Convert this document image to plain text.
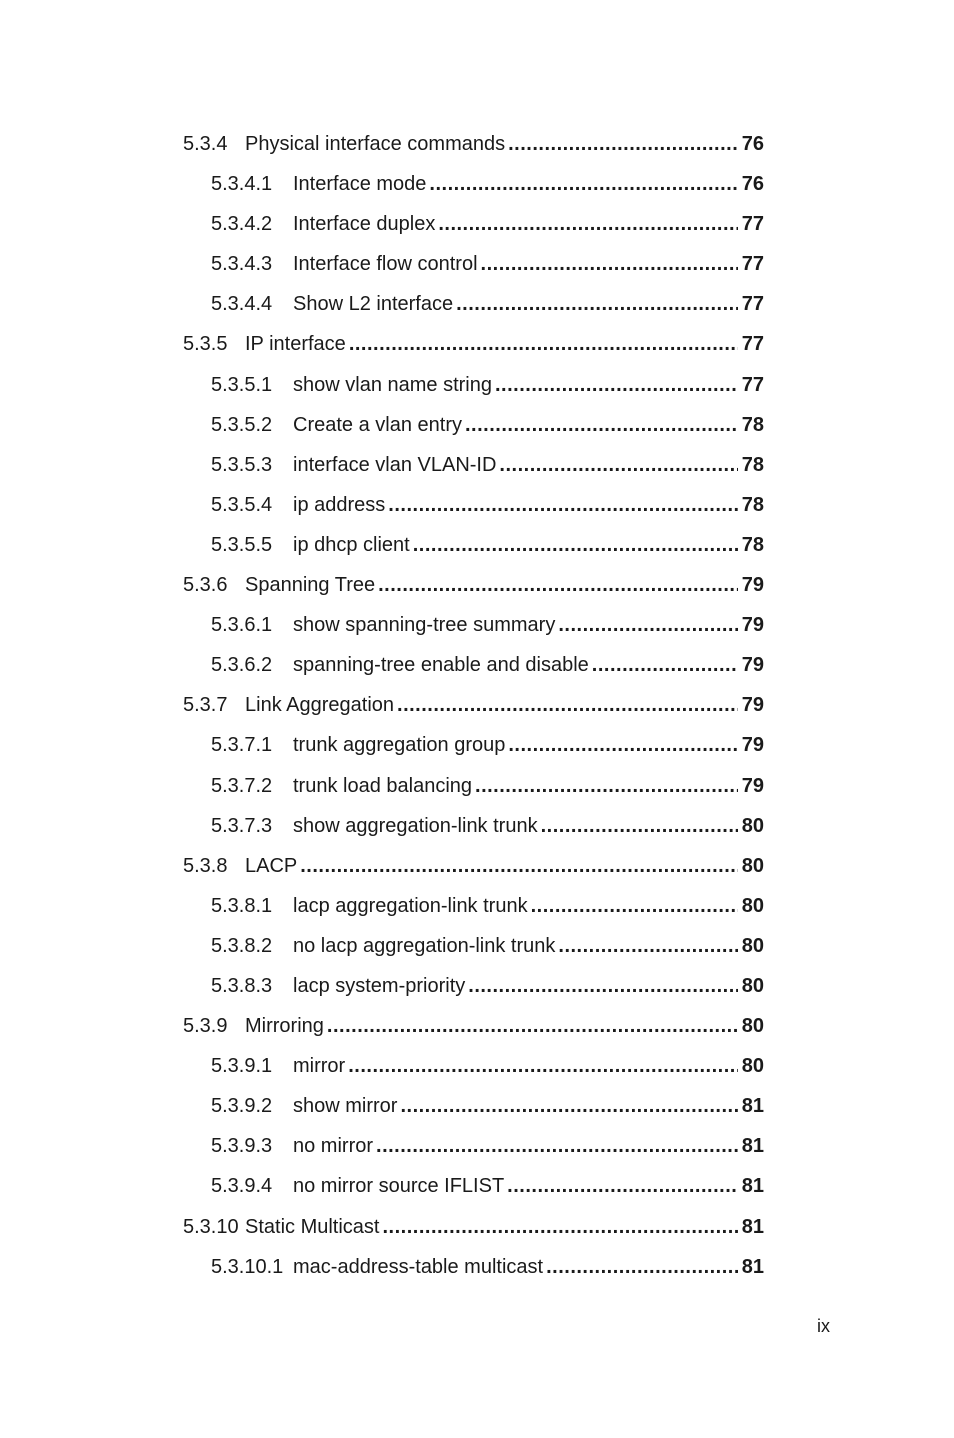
5.3.4 Physical interface commands .....	76
5.3.4.1 Interface mode .....	76
5.3.4.2 Interface duplex .....	77
5.3.4.3 Interface flow control .....	77
5.3.4.4 Show L2 interface .....	77
5.3.5 IP interface .....	77
5.3.5.1 show vlan name string .....	77
5.3.5.2 Create a vlan entry .....	78
5.3.5.3 interface vlan VLAN-ID .....	78
5.3.5.4 ip address .....	78
5.3.5.5 ip dhcp client .....	78
5.3.6 Spanning Tree .....	79
5.3.6.1 show spanning-tree summary .....	79
5.3.6.2 spanning-tree enable and disable .....	79
5.3.7 Link Aggregation .....	79
5.3.7.1 trunk aggregation group .....	79
5.3.7.2 trunk load balancing .....	79
5.3.7.3 show aggregation-link trunk .....	80
5.3.8 LACP .....	80
5.3.8.1 lacp aggregation-link trunk .....	80
5.3.8.2 no lacp aggregation-link trunk .....	80
5.3.8.3 lacp system-priority .....	80
5.3.9 Mirroring .....	80
5.3.9.1 mirror .....	80
5.3.9.2 show mirror .....	81
5.3.9.3 no mirror .....	81
5.3.9.4 no mirror source IFLIST .....	81
5.3.10 Static Multicast .....	81
5.3.10.1 mac-address-table multicast .....	81
ix
